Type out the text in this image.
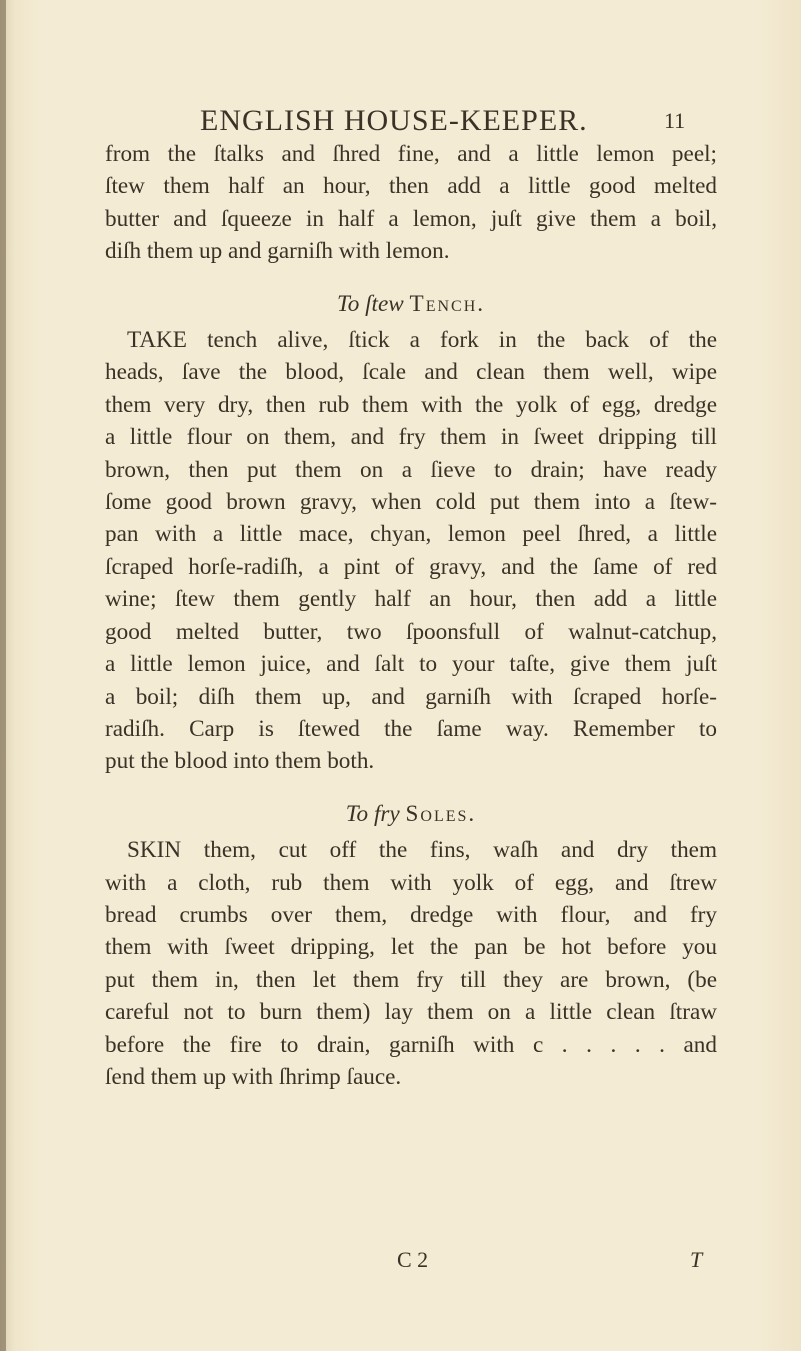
ENGLISH HOUSE-KEEPER.	11

from the ſtalks and ſhred fine, and a little lemon peel;
ſtew them half an hour, then add a little good melted
butter and ſqueeze in half a lemon, juſt give them a boil,
diſh them up and garniſh with lemon.

To ſtew Tench.

TAKE tench alive, ſtick a fork in the back of the
heads, ſave the blood, ſcale and clean them well, wipe
them very dry, then rub them with the yolk of egg, dredge
a little flour on them, and fry them in ſweet dripping till
brown, then put them on a ſieve to drain; have ready
ſome good brown gravy, when cold put them into a ſtew-
pan with a little mace, chyan, lemon peel ſhred, a little
ſcraped horſe-radiſh, a pint of gravy, and the ſame of red
wine; ſtew them gently half an hour, then add a little
good melted butter, two ſpoonsfull of walnut-catchup,
a little lemon juice, and ſalt to your taſte, give them juſt
a boil; diſh them up, and garniſh with ſcraped horſe-
radiſh. Carp is ſtewed the ſame way. Remember to
put the blood into them both.

To fry Soles.

SKIN them, cut off the fins, waſh and dry them
with a cloth, rub them with yolk of egg, and ſtrew
bread crumbs over them, dredge with flour, and fry
them with ſweet dripping, let the pan be hot before you
put them in, then let them fry till they are brown, (be
careful not to burn them) lay them on a little clean ſtraw
before the fire to drain, garniſh with c . . . . . and
ſend them up with ſhrimp ſauce.

C 2	T
